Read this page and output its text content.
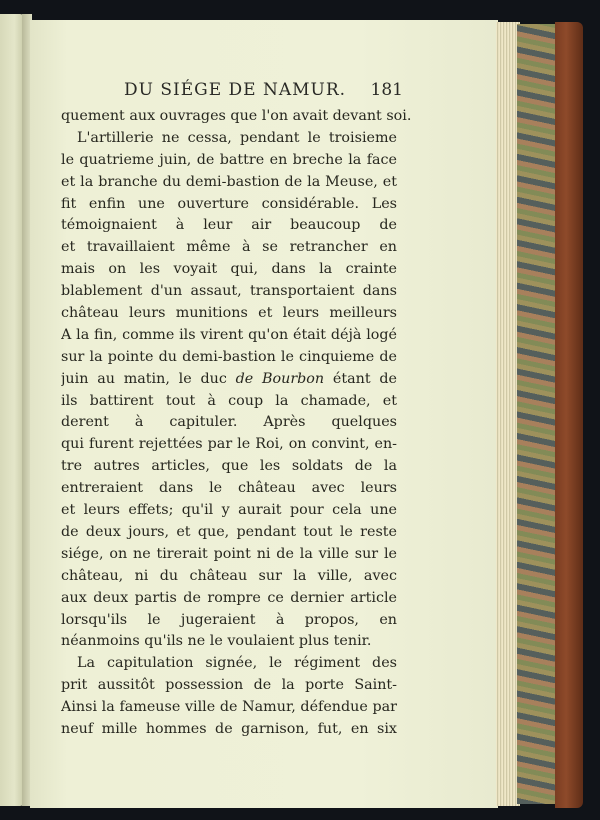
DU SIÉGE DE NAMUR. 181
quement aux ouvrages que l'on avait devant soi.
L'artillerie ne cessa, pendant le troisieme
le quatrieme juin, de battre en breche la face
et la branche du demi-bastion de la Meuse, et
fit enfin une ouverture considérable. Les
témoignaient à leur air beaucoup de
et travaillaient même à se retrancher en
mais on les voyait qui, dans la crainte
blablement d'un assaut, transportaient dans
château leurs munitions et leurs meilleurs
A la fin, comme ils virent qu'on était déjà logé
sur la pointe du demi-bastion le cinquieme de
juin au matin, le duc de Bourbon étant de
ils battirent tout à coup la chamade, et
derent à capituler. Après quelques
qui furent rejettées par le Roi, on convint, en-
tre autres articles, que les soldats de la
entreraient dans le château avec leurs
et leurs effets; qu'il y aurait pour cela une
de deux jours, et que, pendant tout le reste
siége, on ne tirerait point ni de la ville sur le
château, ni du château sur la ville, avec
aux deux partis de rompre ce dernier article
lorsqu'ils le jugeraient à propos, en
néanmoins qu'ils ne le voulaient plus tenir.
La capitulation signée, le régiment des
prit aussitôt possession de la porte Saint-
Ainsi la fameuse ville de Namur, défendue par
neuf mille hommes de garnison, fut, en six
